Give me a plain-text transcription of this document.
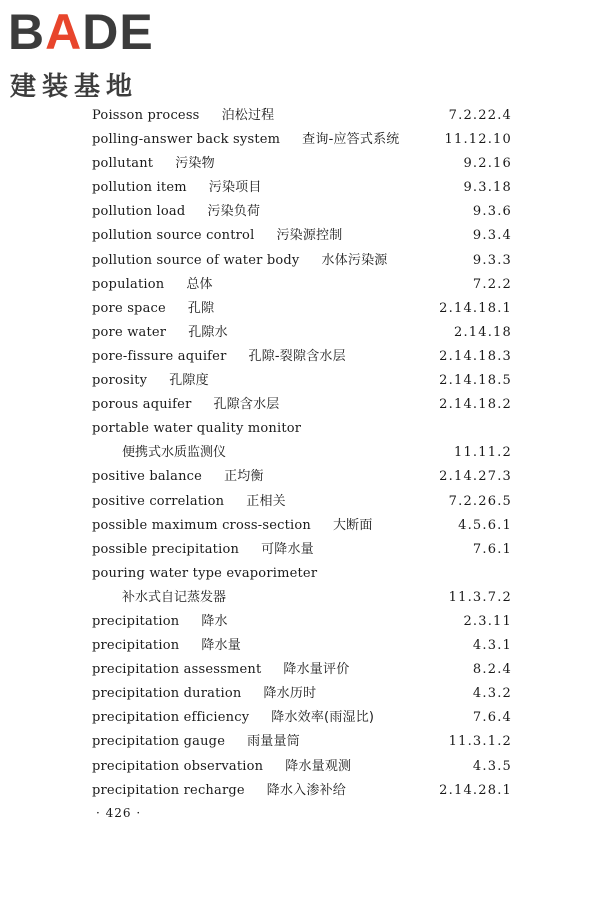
BADE
建装基地
Poisson process 泊松过程	7.2.22.4
polling-answer back system 查询-应答式系统	11.12.10
pollutant 污染物	9.2.16
pollution item 污染项目	9.3.18
pollution load 污染负荷	9.3.6
pollution source control 污染源控制	9.3.4
pollution source of water body 水体污染源	9.3.3
population 总体	7.2.2
pore space 孔隙	2.14.18.1
pore water 孔隙水	2.14.18
pore-fissure aquifer 孔隙-裂隙含水层	2.14.18.3
porosity 孔隙度	2.14.18.5
porous aquifer 孔隙含水层	2.14.18.2
portable water quality monitor
便携式水质监测仪	11.11.2
positive balance 正均衡	2.14.27.3
positive correlation 正相关	7.2.26.5
possible maximum cross-section 大断面	4.5.6.1
possible precipitation 可降水量	7.6.1
pouring water type evaporimeter
补水式自记蒸发器	11.3.7.2
precipitation 降水	2.3.11
precipitation 降水量	4.3.1
precipitation assessment 降水量评价	8.2.4
precipitation duration 降水历时	4.3.2
precipitation efficiency 降水效率(雨湿比)	7.6.4
precipitation gauge 雨量量筒	11.3.1.2
precipitation observation 降水量观测	4.3.5
precipitation recharge 降水入渗补给	2.14.28.1
· 426 ·
